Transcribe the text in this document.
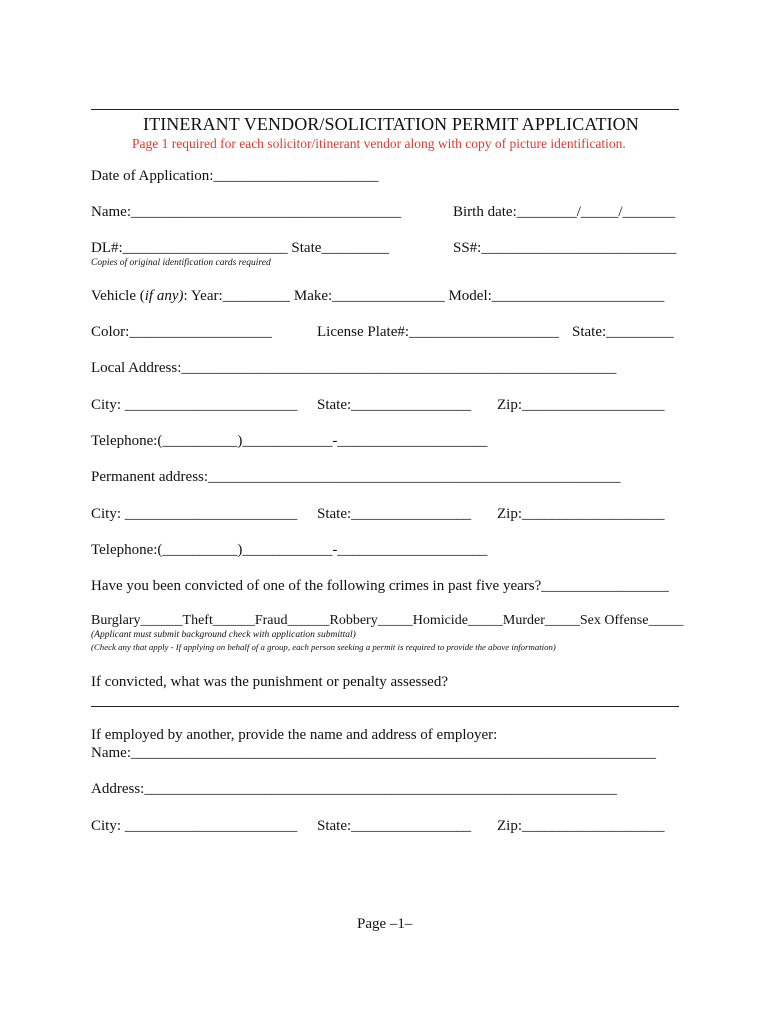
ITINERANT VENDOR/SOLICITATION PERMIT APPLICATION
Page 1 required for each solicitor/itinerant vendor along with copy of picture identification.
Date of Application:______________________
Name:____________________________________	Birth date:________/_____/_______
DL#:______________________ State_________	SS#:__________________________
Copies of original identification cards required
Vehicle (if any): Year:_________ Make:_______________ Model:_______________________
Color:___________________	License Plate#:____________________ State:_________
Local Address:__________________________________________________________
City: _______________________ State:________________ Zip:___________________
Telephone:(__________)____________-____________________
Permanent address:_______________________________________________________
City: _______________________ State:________________ Zip:___________________
Telephone:(__________)____________-____________________
Have you been convicted of one of the following crimes in past five years?_________________
Burglary______Theft______Fraud______Robbery_____Homicide_____Murder_____Sex Offense_____
(Applicant must submit background check with application submittal)
(Check any that apply - If applying on behalf of a group, each person seeking a permit is required to provide the above information)
If convicted, what was the punishment or penalty assessed?
If employed by another, provide the name and address of employer:
Name:______________________________________________________________________
Address:_______________________________________________________________
City: _______________________ State:________________ Zip:___________________
Page –1–
